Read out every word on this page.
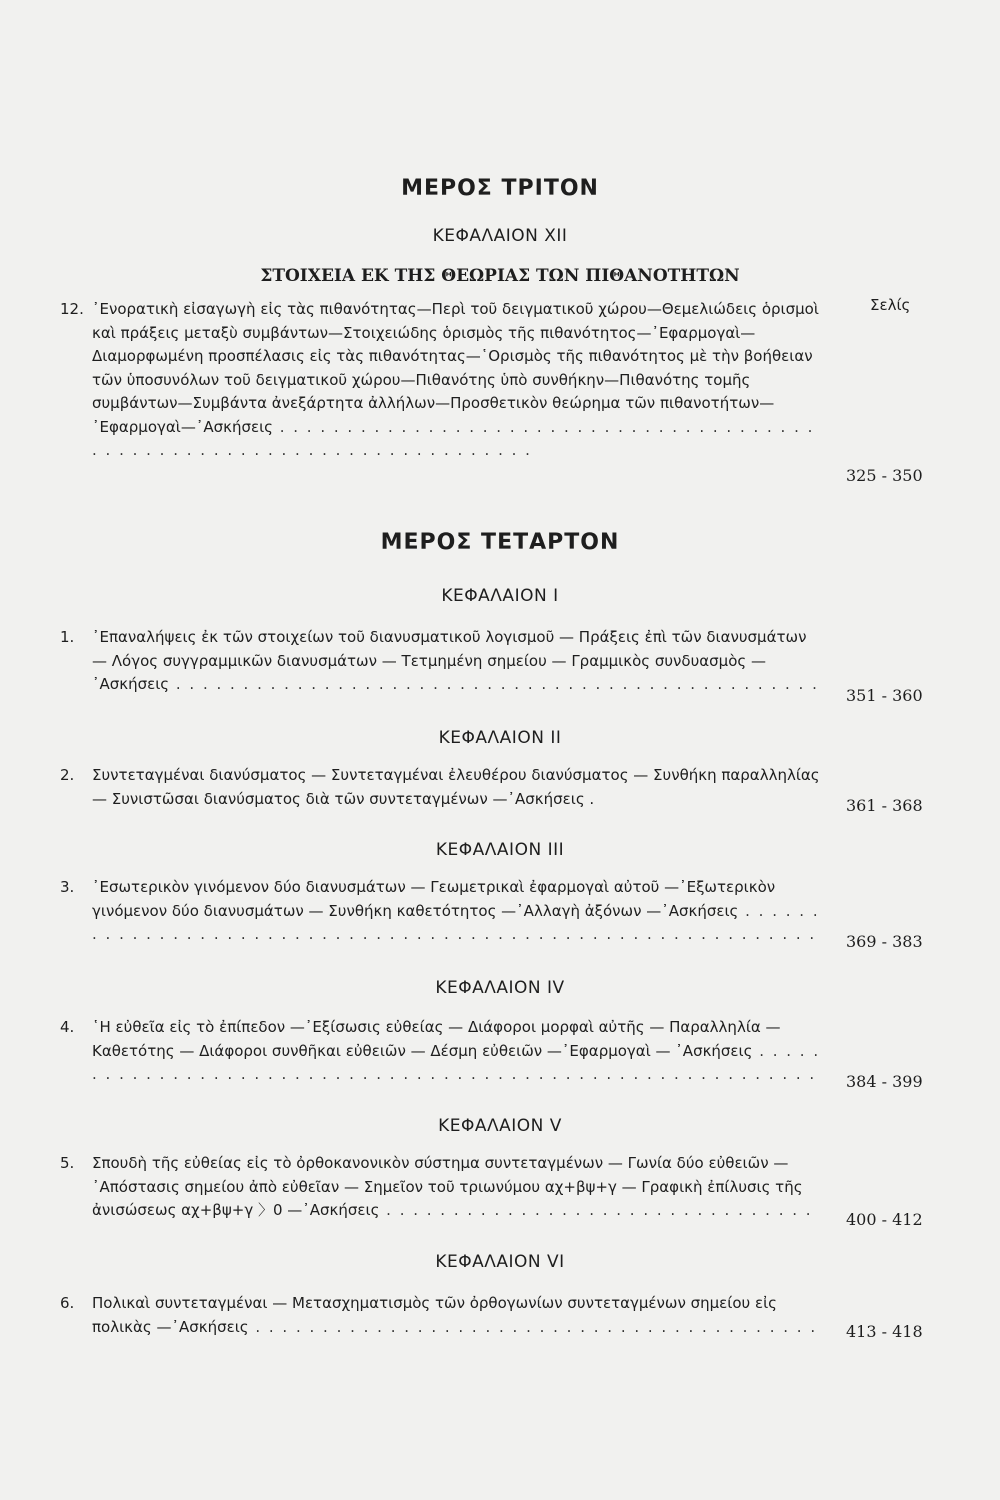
ΜΕΡΟΣ ΤΡΙΤΟΝ
ΚΕΦΑΛΑΙΟΝ XII
ΣΤΟΙΧΕΙΑ ΕΚ ΤΗΣ ΘΕΩΡΙΑΣ ΤΩΝ ΠΙΘΑΝΟΤΗΤΩΝ
Σελίς
12. ᾿Ενορατικὴ εἰσαγωγὴ εἰς τὰς πιθανότητας—Περὶ τοῦ δειγματικοῦ χώρου—Θεμελιώδεις ὁρισμοὶ καὶ πράξεις μεταξὺ συμβάντων—Στοιχειώδης ὁρισμὸς τῆς πιθανότητος—᾿Εφαρμογαὶ—Διαμορφωμένη προσπέλασις εἰς τὰς πιθανότητας—῾Ορισμὸς τῆς πιθανότητος μὲ τὴν βοήθειαν τῶν ὑποσυνόλων τοῦ δειγματικοῦ χώρου—Πιθανότης ὑπὸ συνθήκην—Πιθανότης τομῆς συμβάντων—Συμβάντα ἀνεξάρτητα ἀλλήλων—Προσθετικὸν θεώρημα τῶν πιθανοτήτων—᾿Εφαρμογαὶ—᾿Ασκήσεις . . .
325 - 350
ΜΕΡΟΣ ΤΕΤΑΡΤΟΝ
ΚΕΦΑΛΑΙΟΝ I
1. ᾿Επαναλήψεις ἐκ τῶν στοιχείων τοῦ διανυσματικοῦ λογισμοῦ — Πράξεις ἐπὶ τῶν διανυσμάτων — Λόγος συγγραμμικῶν διανυσμάτων — Τετμημένη σημείου — Γραμμικὸς συνδυασμὸς — ᾿Ασκήσεις . . .
351 - 360
ΚΕΦΑΛΑΙΟΝ II
2. Συντεταγμέναι διανύσματος — Συντεταγμέναι ἐλευθέρου διανύσματος — Συνθήκη παραλληλίας — Συνιστῶσαι διανύσματος διὰ τῶν συντεταγμένων —᾿Ασκήσεις .	361 - 368
ΚΕΦΑΛΑΙΟΝ III
3. ᾿Εσωτερικὸν γινόμενον δύο διανυσμάτων — Γεωμετρικαὶ ἐφαρμογαὶ αὐτοῦ —᾿Εξωτερικὸν γινόμενον δύο διανυσμάτων — Συνθήκη καθετότητος —᾿Αλλαγὴ ἀξόνων —᾿Ασκήσεις . . .
369 - 383
ΚΕΦΑΛΑΙΟΝ IV
4. ῾Η εὐθεῖα εἰς τὸ ἐπίπεδον —᾿Εξίσωσις εὐθείας — Διάφοροι μορφαὶ αὐτῆς — Παραλληλία — Καθετότης — Διάφοροι συνθῆκαι εὐθειῶν — Δέσμη εὐθειῶν —᾿Εφαρμογαὶ — ᾿Ασκήσεις . . .
384 - 399
ΚΕΦΑΛΑΙΟΝ V
5. Σπουδὴ τῆς εὐθείας εἰς τὸ ὀρθοκανονικὸν σύστημα συντεταγμένων — Γωνία δύο εὐθειῶν —᾿Απόστασις σημείου ἀπὸ εὐθεῖαν — Σημεῖον τοῦ τριωνύμου αχ+βψ+γ — Γραφικὴ ἐπίλυσις τῆς ἀνισώσεως αχ+βψ+γ 〉0 —᾿Ασκήσεις . . .	400 - 412
ΚΕΦΑΛΑΙΟΝ VI
6. Πολικαὶ συντεταγμέναι — Μετασχηματισμὸς τῶν ὀρθογωνίων συντεταγμένων σημείου εἰς πολικὰς —᾿Ασκήσεις . . .	413 - 418
